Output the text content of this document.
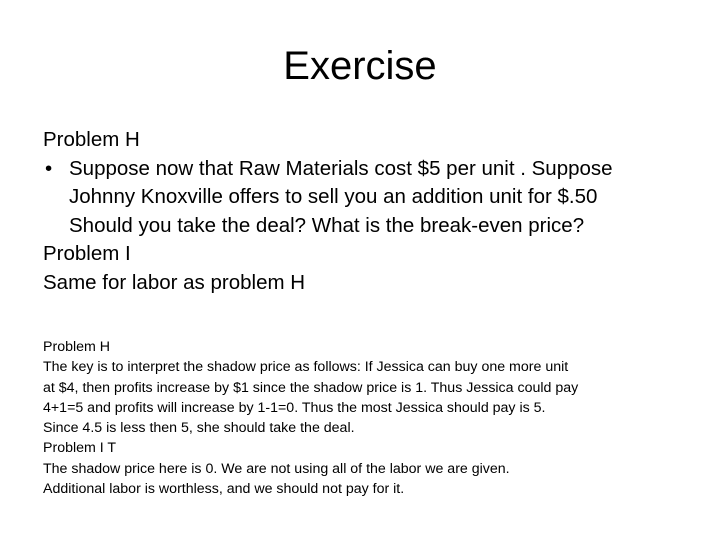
Exercise

Problem H

• Suppose now that Raw Materials cost $5 per unit . Suppose
Johnny Knoxville offers to sell you an addition unit for $.50
Should you take the deal? What is the break-even price?

Problem I

Same for labor as problem H

Problem H

The key is to interpret the shadow price as follows: If Jessica can buy one more unit

at $4, then profits increase by $1 since the shadow price is 1. Thus Jessica could pay

4+1=5 and profits will increase by 1-1=0. Thus the most Jessica should pay is 5.

Since 4.5 is less then 5, she should take the deal.

Problem I T

The shadow price here is 0. We are not using all of the labor we are given.

Additional labor is worthless, and we should not pay for it.
